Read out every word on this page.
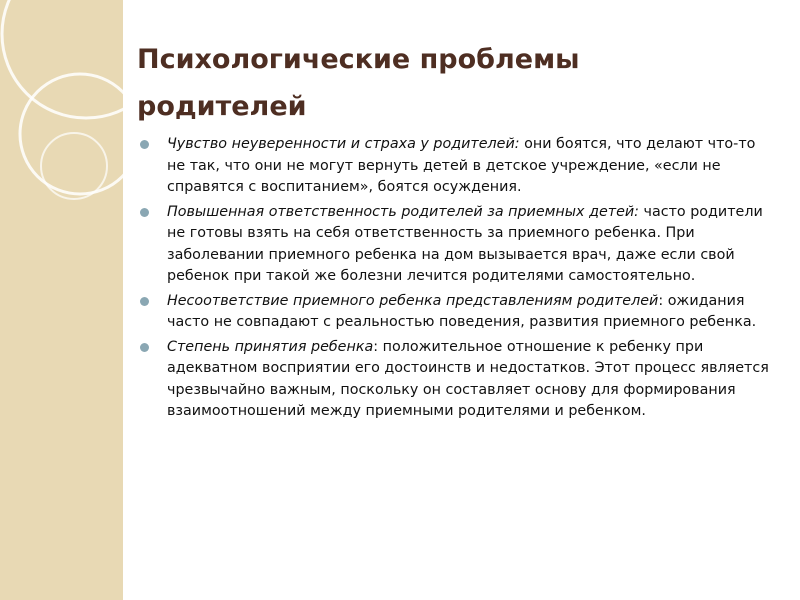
Психологические проблемы
родителей
Чувство неуверенности и страха у родителей: они боятся, что делают что-то не так, что они не могут вернуть детей в детское учреждение, «если не справятся с воспитанием», боятся осуждения.
Повышенная ответственность родителей за приемных детей: часто родители не готовы взять на себя ответственность за приемного ребенка. При заболевании приемного ребенка на дом вызывается врач, даже если свой ребенок при такой же болезни лечится родителями самостоятельно.
Несоответствие приемного ребенка представлениям родителей: ожидания часто не совпадают с реальностью поведения, развития приемного ребенка.
Степень принятия ребенка: положительное отношение к ребенку при адекватном восприятии его достоинств и недостатков. Этот процесс является чрезвычайно важным, поскольку он составляет основу для формирования взаимоотношений между приемными родителями и ребенком.
